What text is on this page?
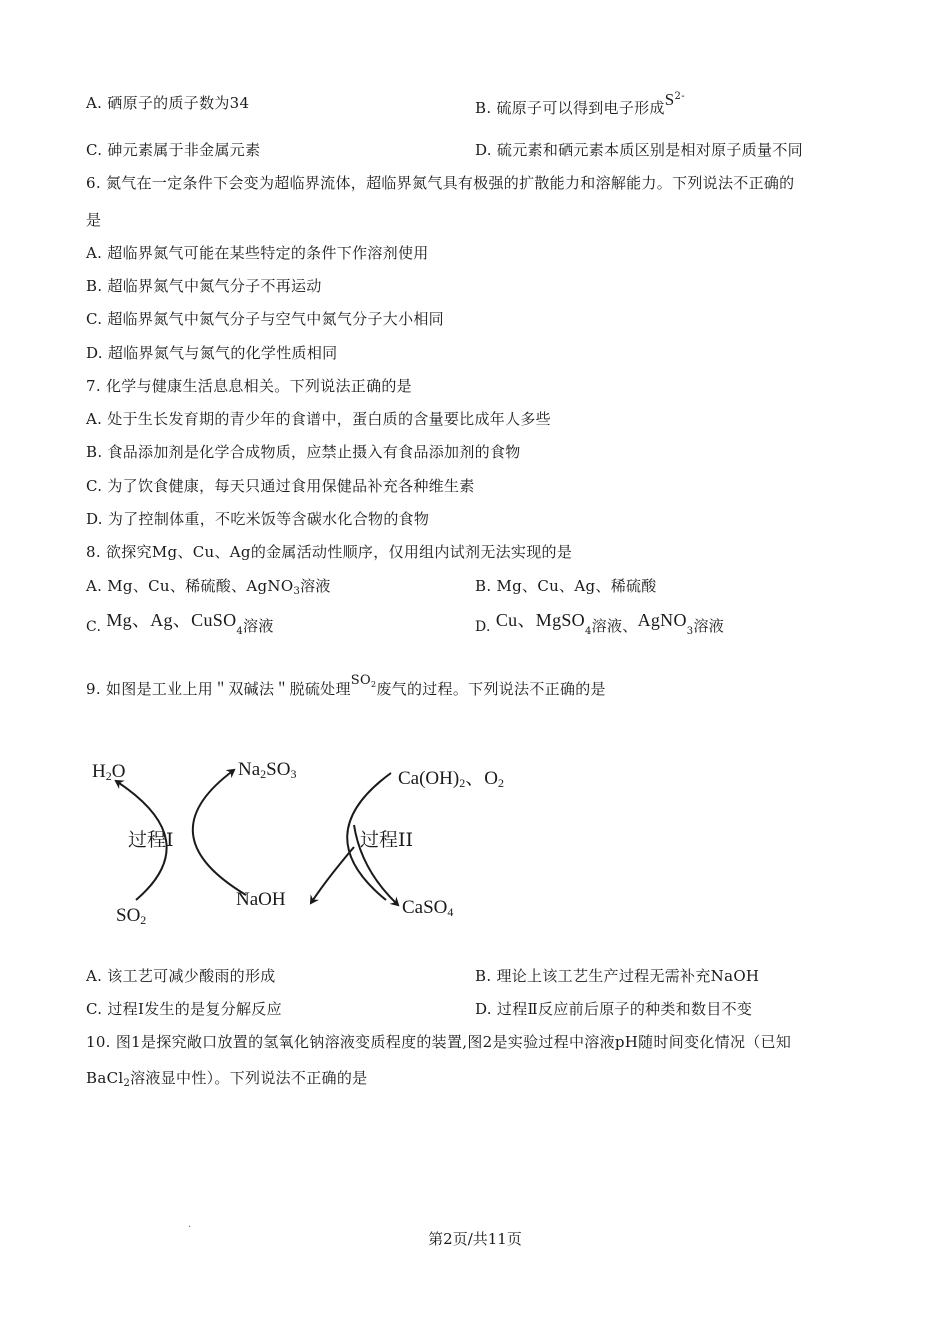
A. 硒原子的质子数为34	B. 硫原子可以得到电子形成$S^{2-}$
C. 砷元素属于非金属元素	D. 硫元素和硒元素本质区别是相对原子质量不同
6. 氮气在一定条件下会变为超临界流体，超临界氮气具有极强的扩散能力和溶解能力。下列说法不正确的
是
A. 超临界氮气可能在某些特定的条件下作溶剂使用
B. 超临界氮气中氮气分子不再运动
C. 超临界氮气中氮气分子与空气中氮气分子大小相同
D. 超临界氮气与氮气的化学性质相同
7. 化学与健康生活息息相关。下列说法正确的是
A. 处于生长发育期的青少年的食谱中，蛋白质的含量要比成年人多些
B. 食品添加剂是化学合成物质，应禁止摄入有食品添加剂的食物
C. 为了饮食健康，每天只通过食用保健品补充各种维生素
D. 为了控制体重，不吃米饭等含碳水化合物的食物
8. 欲探究Mg、Cu、Ag的金属活动性顺序，仅用组内试剂无法实现的是
A. Mg、Cu、稀硫酸、AgNO$_3$溶液	B. Mg、Cu、Ag、稀硫酸
C. Mg、Ag、CuSO$_4$溶液	D. Cu、MgSO$_4$溶液、AgNO$_3$溶液
9. 如图是工业上用＂双碱法＂脱硫处理$SO^2$废气的过程。下列说法不正确的是
$H_2O$	$Na_2SO_3$	$Ca(OH)_2$、$O_2$
过程I	过程II
$SO_2$
NaOH	CaSO$_4$
A. 该工艺可减少酸雨的形成	B. 理论上该工艺生产过程无需补充NaOH
C. 过程Ⅰ发生的是复分解反应	D. 过程Ⅱ反应前后原子的种类和数目不变
10. 图1是探究敞口放置的氢氧化钠溶液变质程度的装置,图2是实验过程中溶液pH随时间变化情况（已知
BaCl$_2$溶液显中性）。下列说法不正确的是
·
第2页/共11页
